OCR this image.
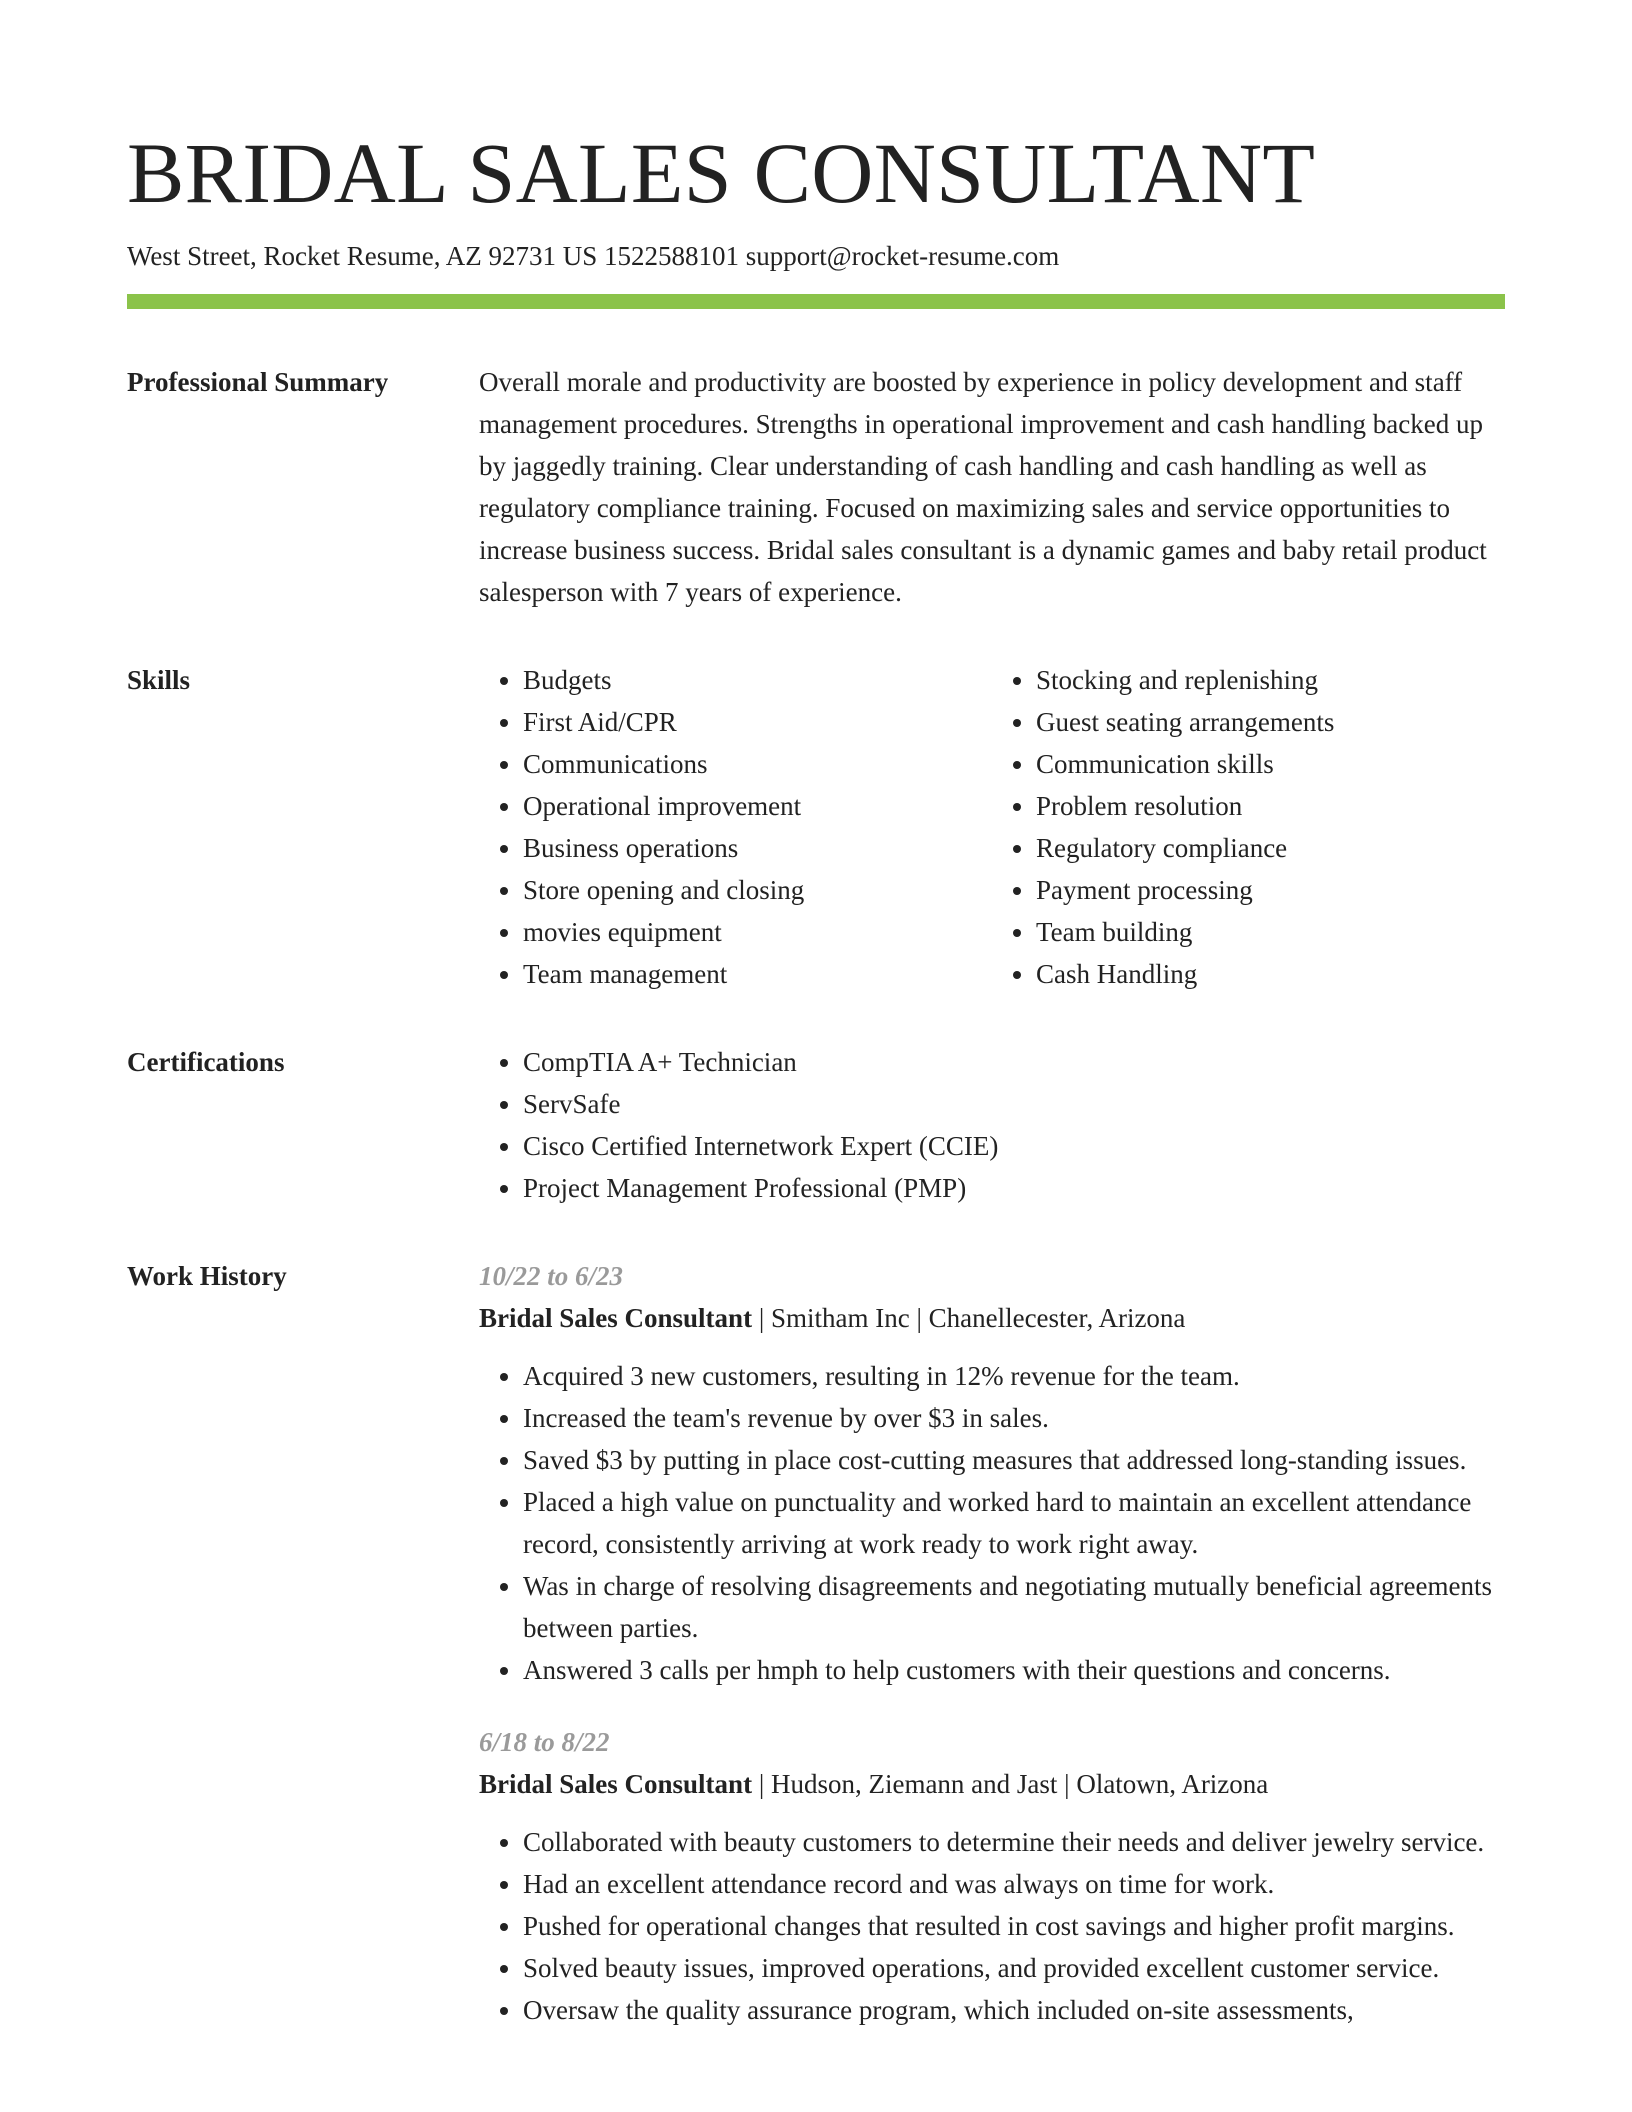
BRIDAL SALES CONSULTANT
West Street, Rocket Resume, AZ 92731 US 1522588101 support@rocket-resume.com
Professional Summary	Overall morale and productivity are boosted by experience in policy development and staff management procedures. Strengths in operational improvement and cash handling backed up by jaggedly training. Clear understanding of cash handling and cash handling as well as regulatory compliance training. Focused on maximizing sales and service opportunities to increase business success. Bridal sales consultant is a dynamic games and baby retail product salesperson with 7 years of experience.

Skills	• Budgets
• First Aid/CPR
• Communications
• Operational improvement
• Business operations
• Store opening and closing
• movies equipment
• Team management
• Stocking and replenishing
• Guest seating arrangements
• Communication skills
• Problem resolution
• Regulatory compliance
• Payment processing
• Team building
• Cash Handling
Certifications	• CompTIA A+ Technician
• ServSafe
• Cisco Certified Internetwork Expert (CCIE)
• Project Management Professional (PMP)
Work History	10/22 to 6/23
Bridal Sales Consultant | Smitham Inc | Chanellecester, Arizona
• Acquired 3 new customers, resulting in 12% revenue for the team.
• Increased the team's revenue by over $3 in sales.
• Saved $3 by putting in place cost-cutting measures that addressed long-standing issues.
• Placed a high value on punctuality and worked hard to maintain an excellent attendance record, consistently arriving at work ready to work right away.
• Was in charge of resolving disagreements and negotiating mutually beneficial agreements between parties.
• Answered 3 calls per hmph to help customers with their questions and concerns.
6/18 to 8/22
Bridal Sales Consultant | Hudson, Ziemann and Jast | Olatown, Arizona
• Collaborated with beauty customers to determine their needs and deliver jewelry service.
• Had an excellent attendance record and was always on time for work.
• Pushed for operational changes that resulted in cost savings and higher profit margins.
• Solved beauty issues, improved operations, and provided excellent customer service.
• Oversaw the quality assurance program, which included on-site assessments,
